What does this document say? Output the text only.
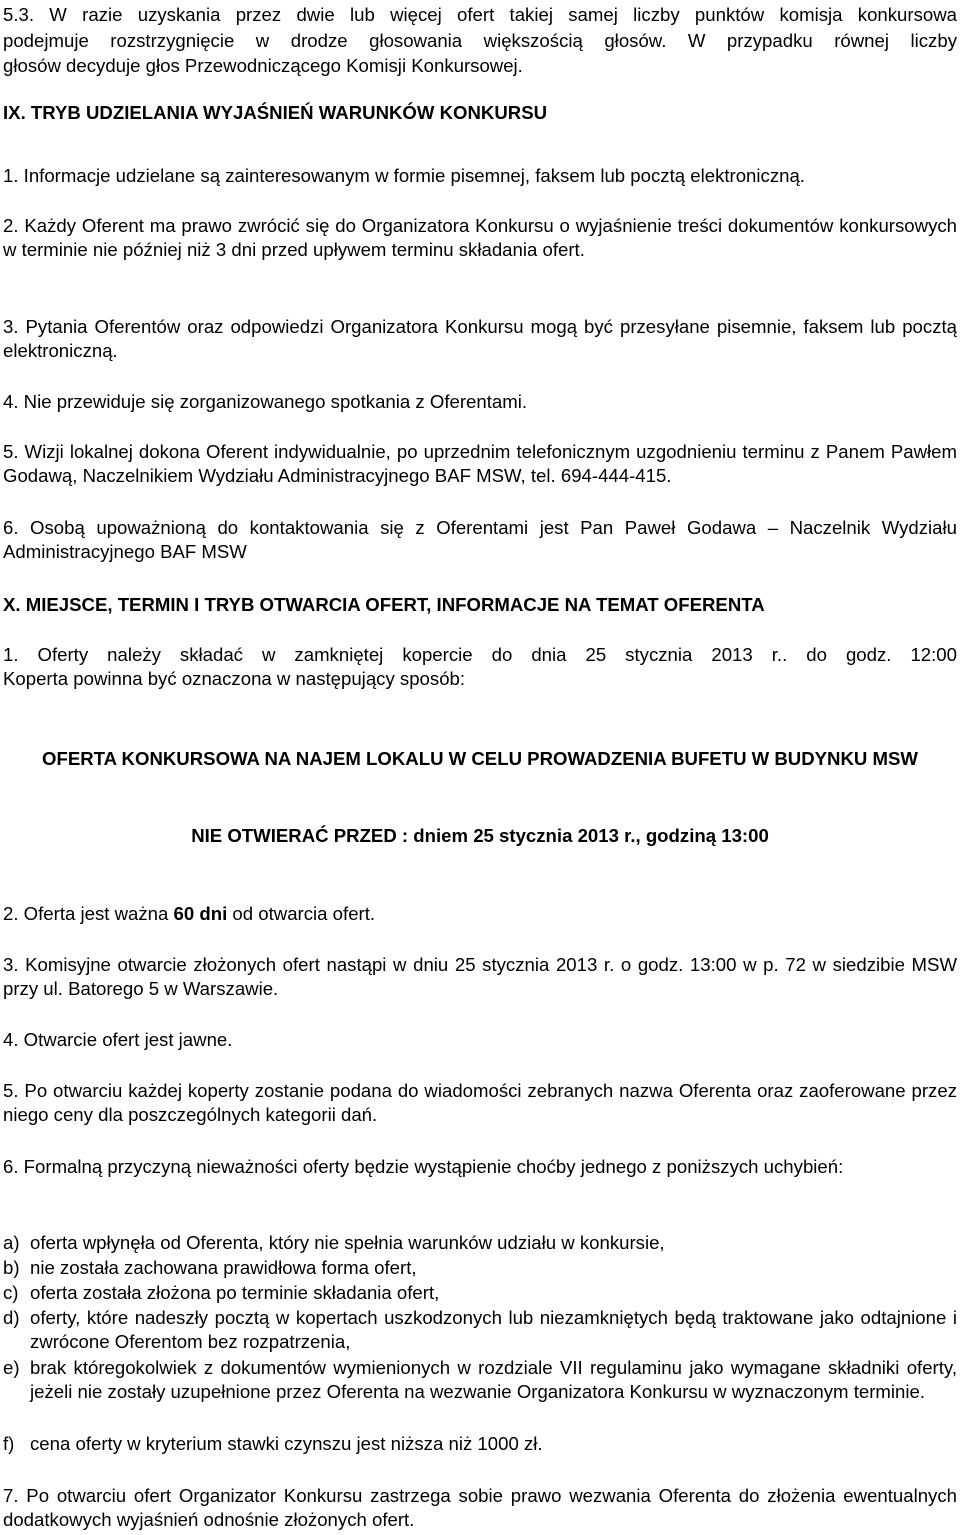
5.3. W razie uzyskania przez dwie lub więcej ofert takiej samej liczby punktów komisja konkursowa

podejmuje rozstrzygnięcie w drodze głosowania większością głosów. W przypadku równej liczby

głosów decyduje głos Przewodniczącego Komisji Konkursowej.

IX. TRYB UDZIELANIA WYJAŚNIEŃ WARUNKÓW KONKURSU

1. Informacje udzielane są zainteresowanym w formie pisemnej, faksem lub pocztą elektroniczną.

2. Każdy Oferent ma prawo zwrócić się do Organizatora Konkursu o wyjaśnienie treści dokumentów konkursowych w terminie nie później niż 3 dni przed upływem terminu składania ofert.

3. Pytania Oferentów oraz odpowiedzi Organizatora Konkursu mogą być przesyłane pisemnie, faksem lub pocztą elektroniczną.

4. Nie przewiduje się zorganizowanego spotkania z Oferentami.

5. Wizji lokalnej dokona Oferent indywidualnie, po uprzednim telefonicznym uzgodnieniu terminu z Panem Pawłem Godawą, Naczelnikiem Wydziału Administracyjnego BAF MSW, tel. 694-444-415.

6. Osobą upoważnioną do kontaktowania się z Oferentami jest Pan Paweł Godawa – Naczelnik Wydziału Administracyjnego BAF MSW

X. MIEJSCE, TERMIN I TRYB OTWARCIA OFERT, INFORMACJE NA TEMAT OFERENTA

1. Oferty należy składać w zamkniętej kopercie do dnia 25 stycznia 2013 r.. do godz. 12:00

Koperta powinna być oznaczona w następujący sposób:

OFERTA KONKURSOWA NA NAJEM LOKALU W CELU PROWADZENIA BUFETU W BUDYNKU MSW

NIE OTWIERAĆ PRZED : dniem 25 stycznia 2013 r., godziną 13:00

2. Oferta jest ważna 60 dni od otwarcia ofert.

3. Komisyjne otwarcie złożonych ofert nastąpi w dniu 25 stycznia 2013 r. o godz. 13:00 w p. 72 w siedzibie MSW przy ul. Batorego 5 w Warszawie.

4. Otwarcie ofert jest jawne.

5. Po otwarciu każdej koperty zostanie podana do wiadomości zebranych nazwa Oferenta oraz zaoferowane przez niego ceny dla poszczególnych kategorii dań.

6. Formalną przyczyną nieważności oferty będzie wystąpienie choćby jednego z poniższych uchybień:

a) oferta wpłynęła od Oferenta, który nie spełnia warunków udziału w konkursie,
b) nie została zachowana prawidłowa forma ofert,
c) oferta została złożona po terminie składania ofert,
d) oferty, które nadeszły pocztą w kopertach uszkodzonych lub niezamkniętych będą traktowane jako odtajnione i zwrócone Oferentom bez rozpatrzenia,
e) brak któregokolwiek z dokumentów wymienionych w rozdziale VII regulaminu jako wymagane składniki oferty, jeżeli nie zostały uzupełnione przez Oferenta na wezwanie Organizatora Konkursu w wyznaczonym terminie.
f) cena oferty w kryterium stawki czynszu jest niższa niż 1000 zł.

7. Po otwarciu ofert Organizator Konkursu zastrzega sobie prawo wezwania Oferenta do złożenia ewentualnych dodatkowych wyjaśnień odnośnie złożonych ofert.
